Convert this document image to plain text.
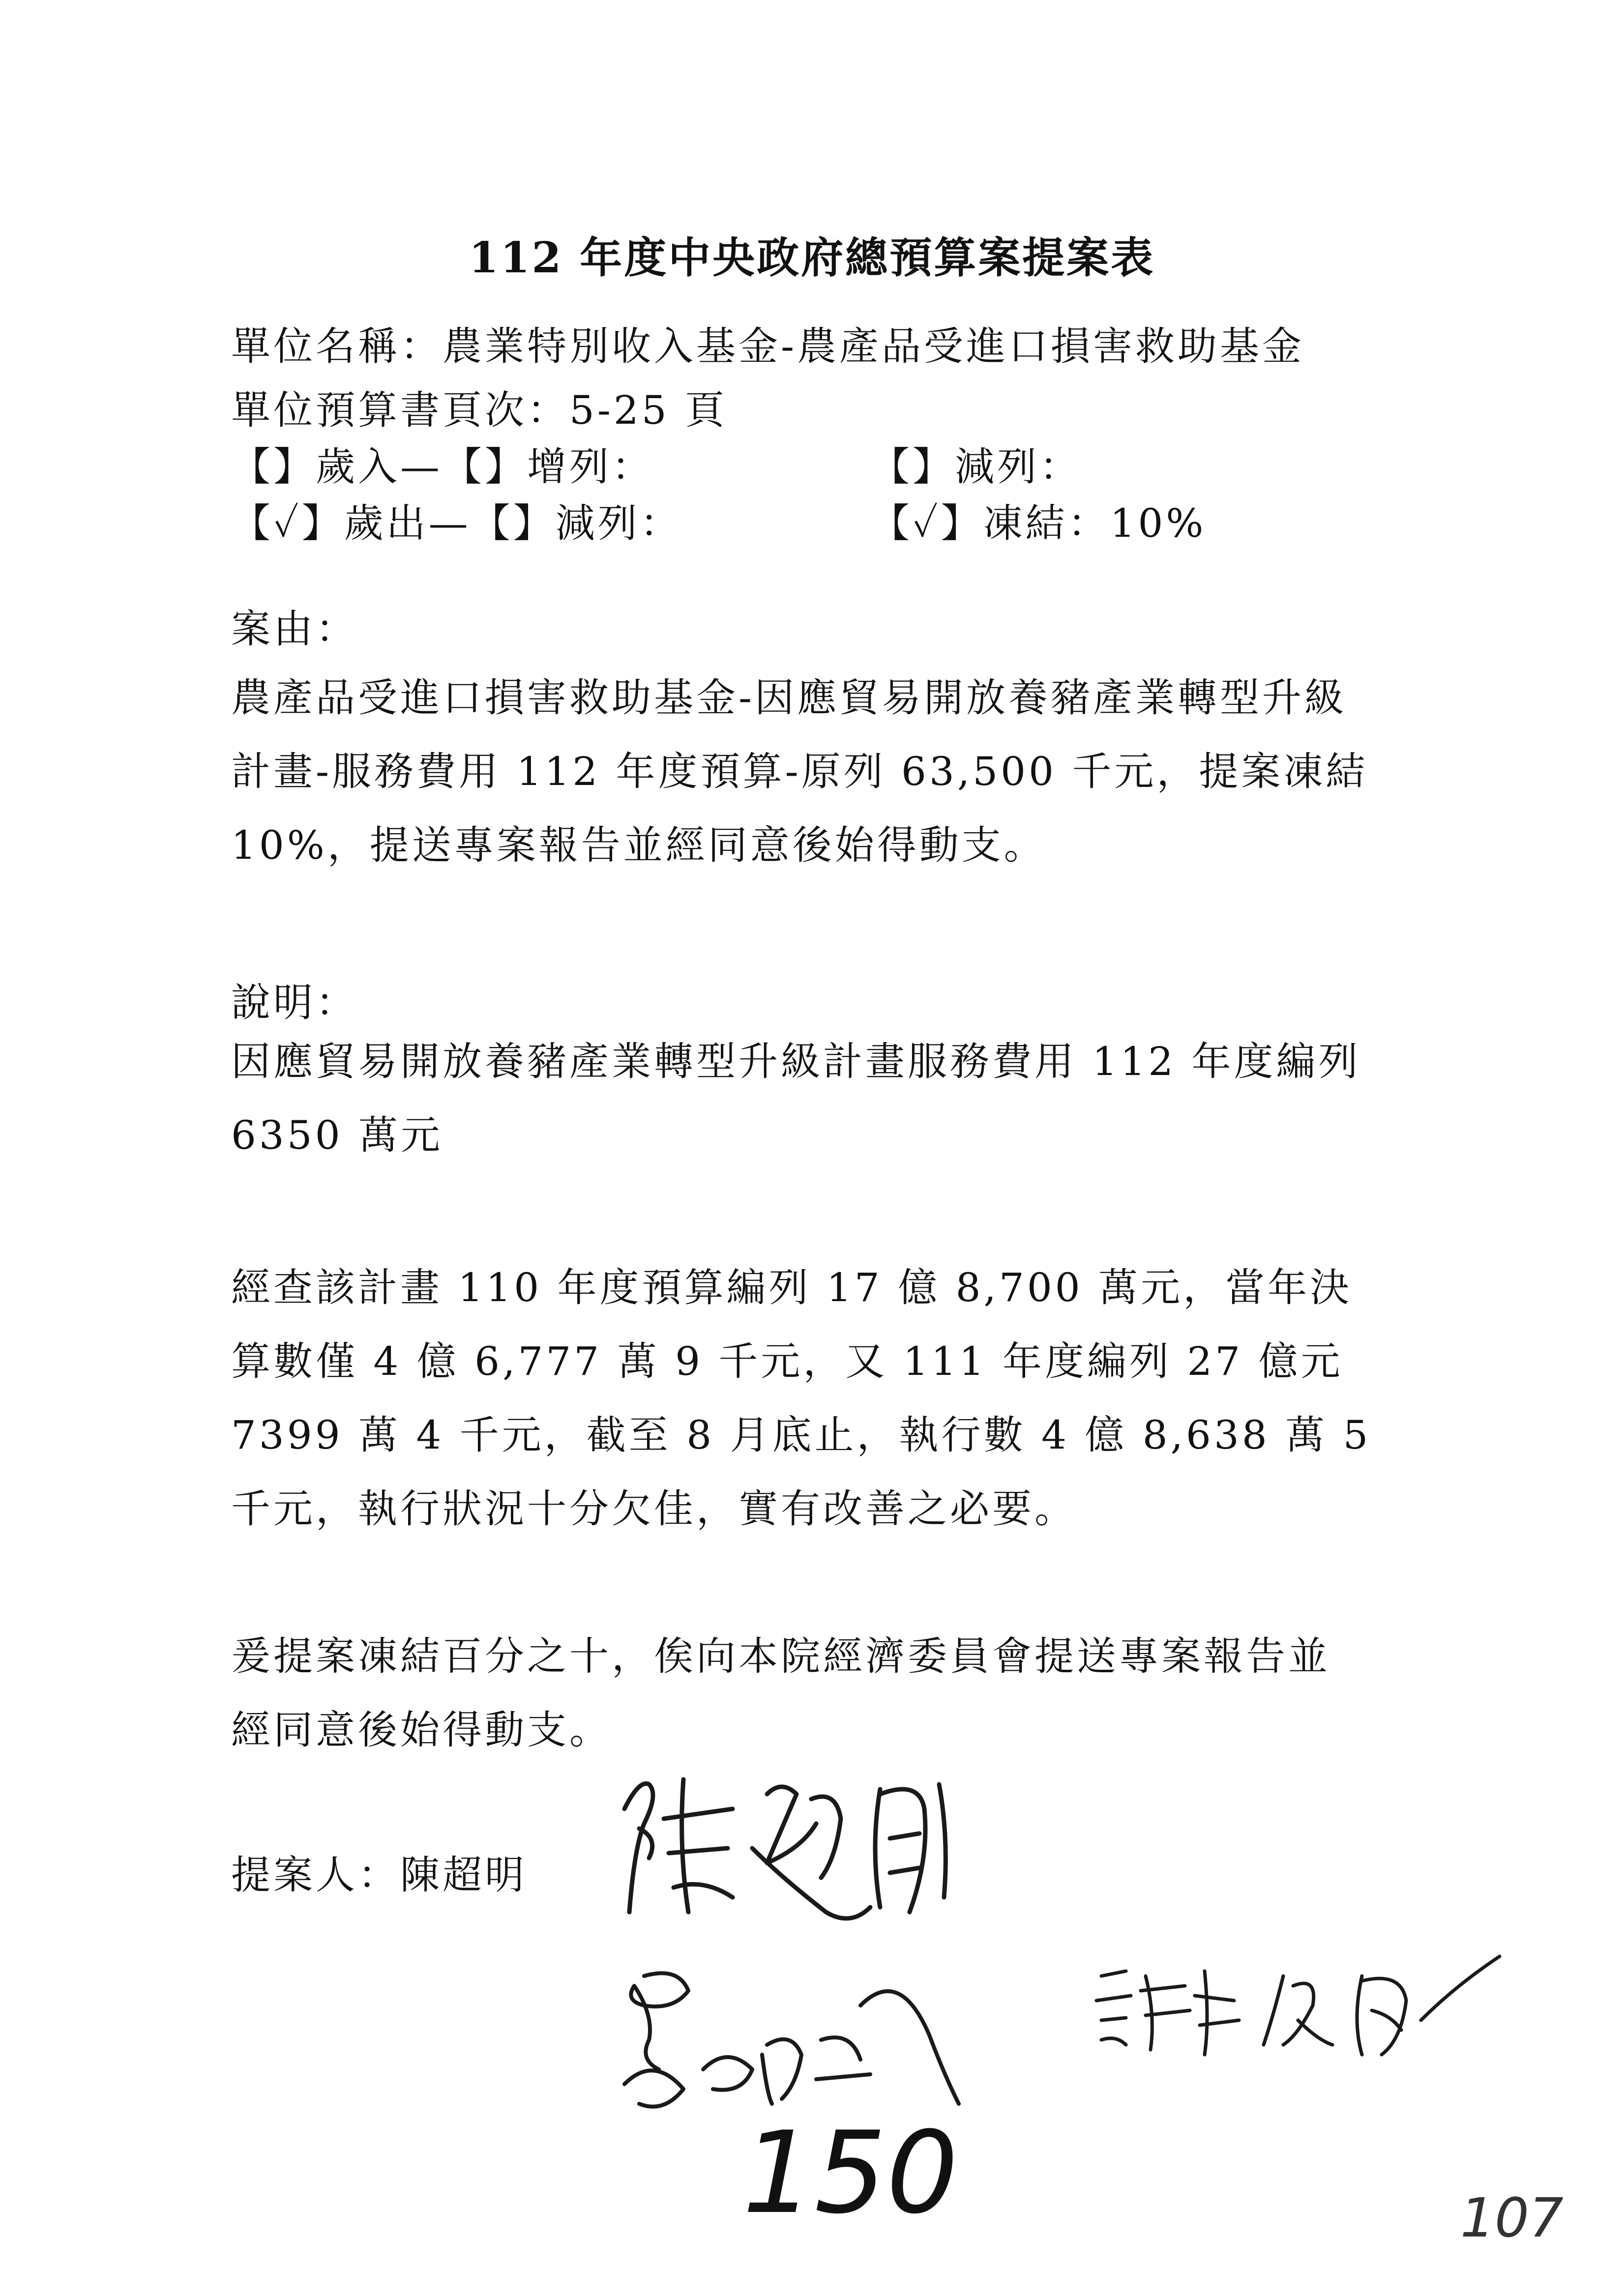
112 年度中央政府總預算案提案表
單位名稱：農業特別收入基金-農產品受進口損害救助基金
單位預算書頁次：5-25 頁
【】歲入—【】增列：	【】減列：
【✓】歲出—【】減列：	【✓】凍結：10%
案由：
農產品受進口損害救助基金-因應貿易開放養豬產業轉型升級計畫-服務費用 112 年度預算-原列 63,500 千元，提案凍結 10%，提送專案報告並經同意後始得動支。
說明：
因應貿易開放養豬產業轉型升級計畫服務費用 112 年度編列 6350 萬元
經查該計畫 110 年度預算編列 17 億 8,700 萬元，當年決算數僅 4 億 6,777 萬 9 千元，又 111 年度編列 27 億元 7399 萬 4 千元，截至 8 月底止，執行數 4 億 8,638 萬 5 千元，執行狀況十分欠佳，實有改善之必要。
爰提案凍結百分之十，俟向本院經濟委員會提送專案報告並經同意後始得動支。
提案人：陳超明
150	107
